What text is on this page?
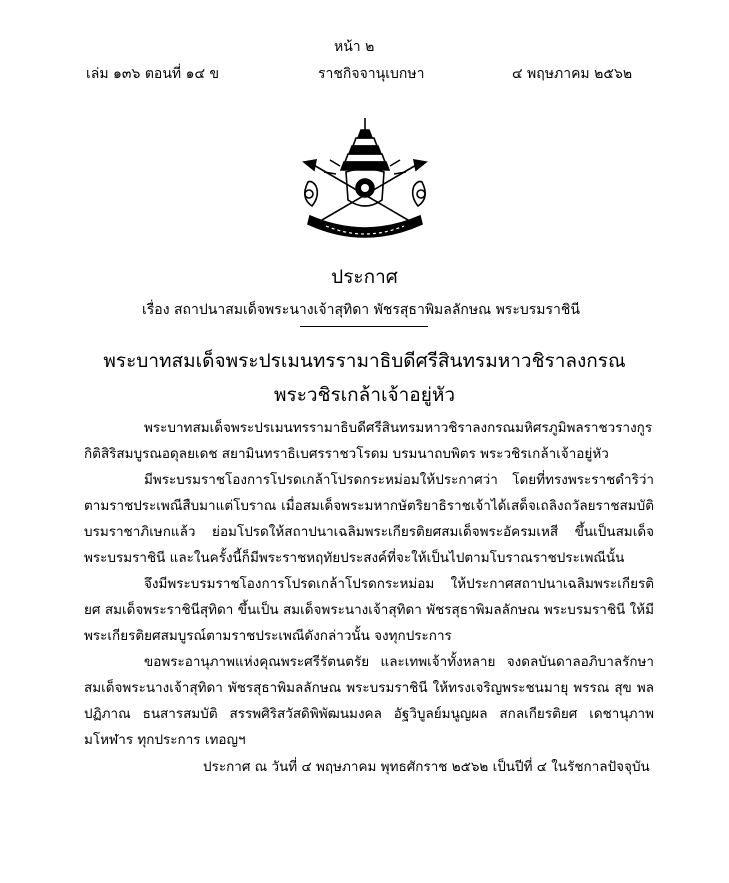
หน้า ๒
เล่ม ๑๓๖ ตอนที่ ๑๔ ข	ราชกิจจานุเบกษา	๔ พฤษภาคม ๒๕๖๒
ประกาศ
เรื่อง สถาปนาสมเด็จพระนางเจ้าสุทิดา พัชรสุธาพิมลลักษณ พระบรมราชินี
พระบาทสมเด็จพระปรเมนทรรามาธิบดีศรีสินทรมหาวชิราลงกรณ
พระวชิรเกล้าเจ้าอยู่หัว

พระบาทสมเด็จพระปรเมนทรรามาธิบดีศรีสินทรมหาวชิราลงกรณมหิศรภูมิพลราชวรางกูร กิติสิริสมบูรณอดุลยเดช สยามินทราธิเบศรราชวโรดม บรมนาถบพิตร พระวชิรเกล้าเจ้าอยู่หัว

มีพระบรมราชโองการโปรดเกล้าโปรดกระหม่อมให้ประกาศว่า โดยที่ทรงพระราชดำริว่า ตามราชประเพณีสืบมาแต่โบราณ เมื่อสมเด็จพระมหากษัตริยาธิราชเจ้าได้เสด็จเถลิงถวัลยราชสมบัติ บรมราชาภิเษกแล้ว ย่อมโปรดให้สถาปนาเฉลิมพระเกียรติยศสมเด็จพระอัครมเหสี ขึ้นเป็นสมเด็จ พระบรมราชินี และในครั้งนี้ก็มีพระราชหฤทัยประสงค์ที่จะให้เป็นไปตามโบราณราชประเพณีนั้น

จึงมีพระบรมราชโองการโปรดเกล้าโปรดกระหม่อม ให้ประกาศสถาปนาเฉลิมพระเกียรติยศ สมเด็จพระราชินีสุทิดา ขึ้นเป็น สมเด็จพระนางเจ้าสุทิดา พัชรสุธาพิมลลักษณ พระบรมราชินี ให้มีพระเกียรติยศสมบูรณ์ตามราชประเพณีดังกล่าวนั้น จงทุกประการ

ขอพระอานุภาพแห่งคุณพระศรีรัตนตรัย และเทพเจ้าทั้งหลาย จงดลบันดาลอภิบาลรักษา สมเด็จพระนางเจ้าสุทิดา พัชรสุธาพิมลลักษณ พระบรมราชินี ให้ทรงเจริญพระชนมายุ พรรณ สุข พล ปฏิภาณ ธนสารสมบัติ สรรพศิริสวัสดิพิพัฒนมงคล อัฐวิบูลย์มนูญผล สกลเกียรติยศ เดชานุภาพมโหฬาร ทุกประการ เทอญฯ

ประกาศ ณ วันที่ ๔ พฤษภาคม พุทธศักราช ๒๕๖๒ เป็นปีที่ ๔ ในรัชกาลปัจจุบัน
